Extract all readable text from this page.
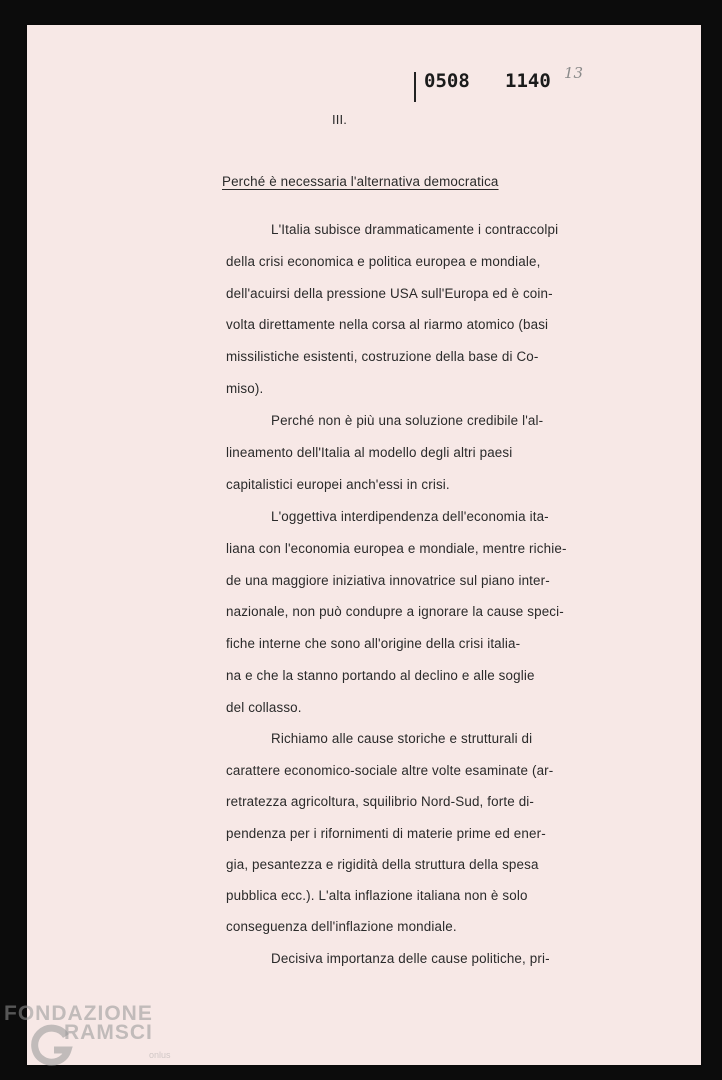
0508 1140 13
III.
Perché è necessaria l'alternativa democratica
L'Italia subisce drammaticamente i contraccolpi
della crisi economica e politica europea e mondiale,
dell'acuirsi della pressione USA sull'Europa ed è coin-
volta direttamente nella corsa al riarmo atomico (basi
missilistiche esistenti, costruzione della base di Co-
miso).
Perché non è più una soluzione credibile l'al-
lineamento dell'Italia al modello degli altri paesi
capitalistici europei anch'essi in crisi.
L'oggettiva interdipendenza dell'economia ita-
liana con l'economia europea e mondiale, mentre richie-
de una maggiore iniziativa innovatrice sul piano inter-
nazionale, non può condupre a ignorare la cause speci-
fiche interne che sono all'origine della crisi italia-
na e che la stanno portando al declino e alle soglie
del collasso.
Richiamo alle cause storiche e strutturali di
carattere economico-sociale altre volte esaminate (ar-
retratezza agricoltura, squilibrio Nord-Sud, forte di-
pendenza per i rifornimenti di materie prime ed ener-
gia, pesantezza e rigidità della struttura della spesa
pubblica ecc.). L'alta inflazione italiana non è solo
conseguenza dell'inflazione mondiale.
Decisiva importanza delle cause politiche, pri-
FONDAZIONE
RAMSCI
onlus
